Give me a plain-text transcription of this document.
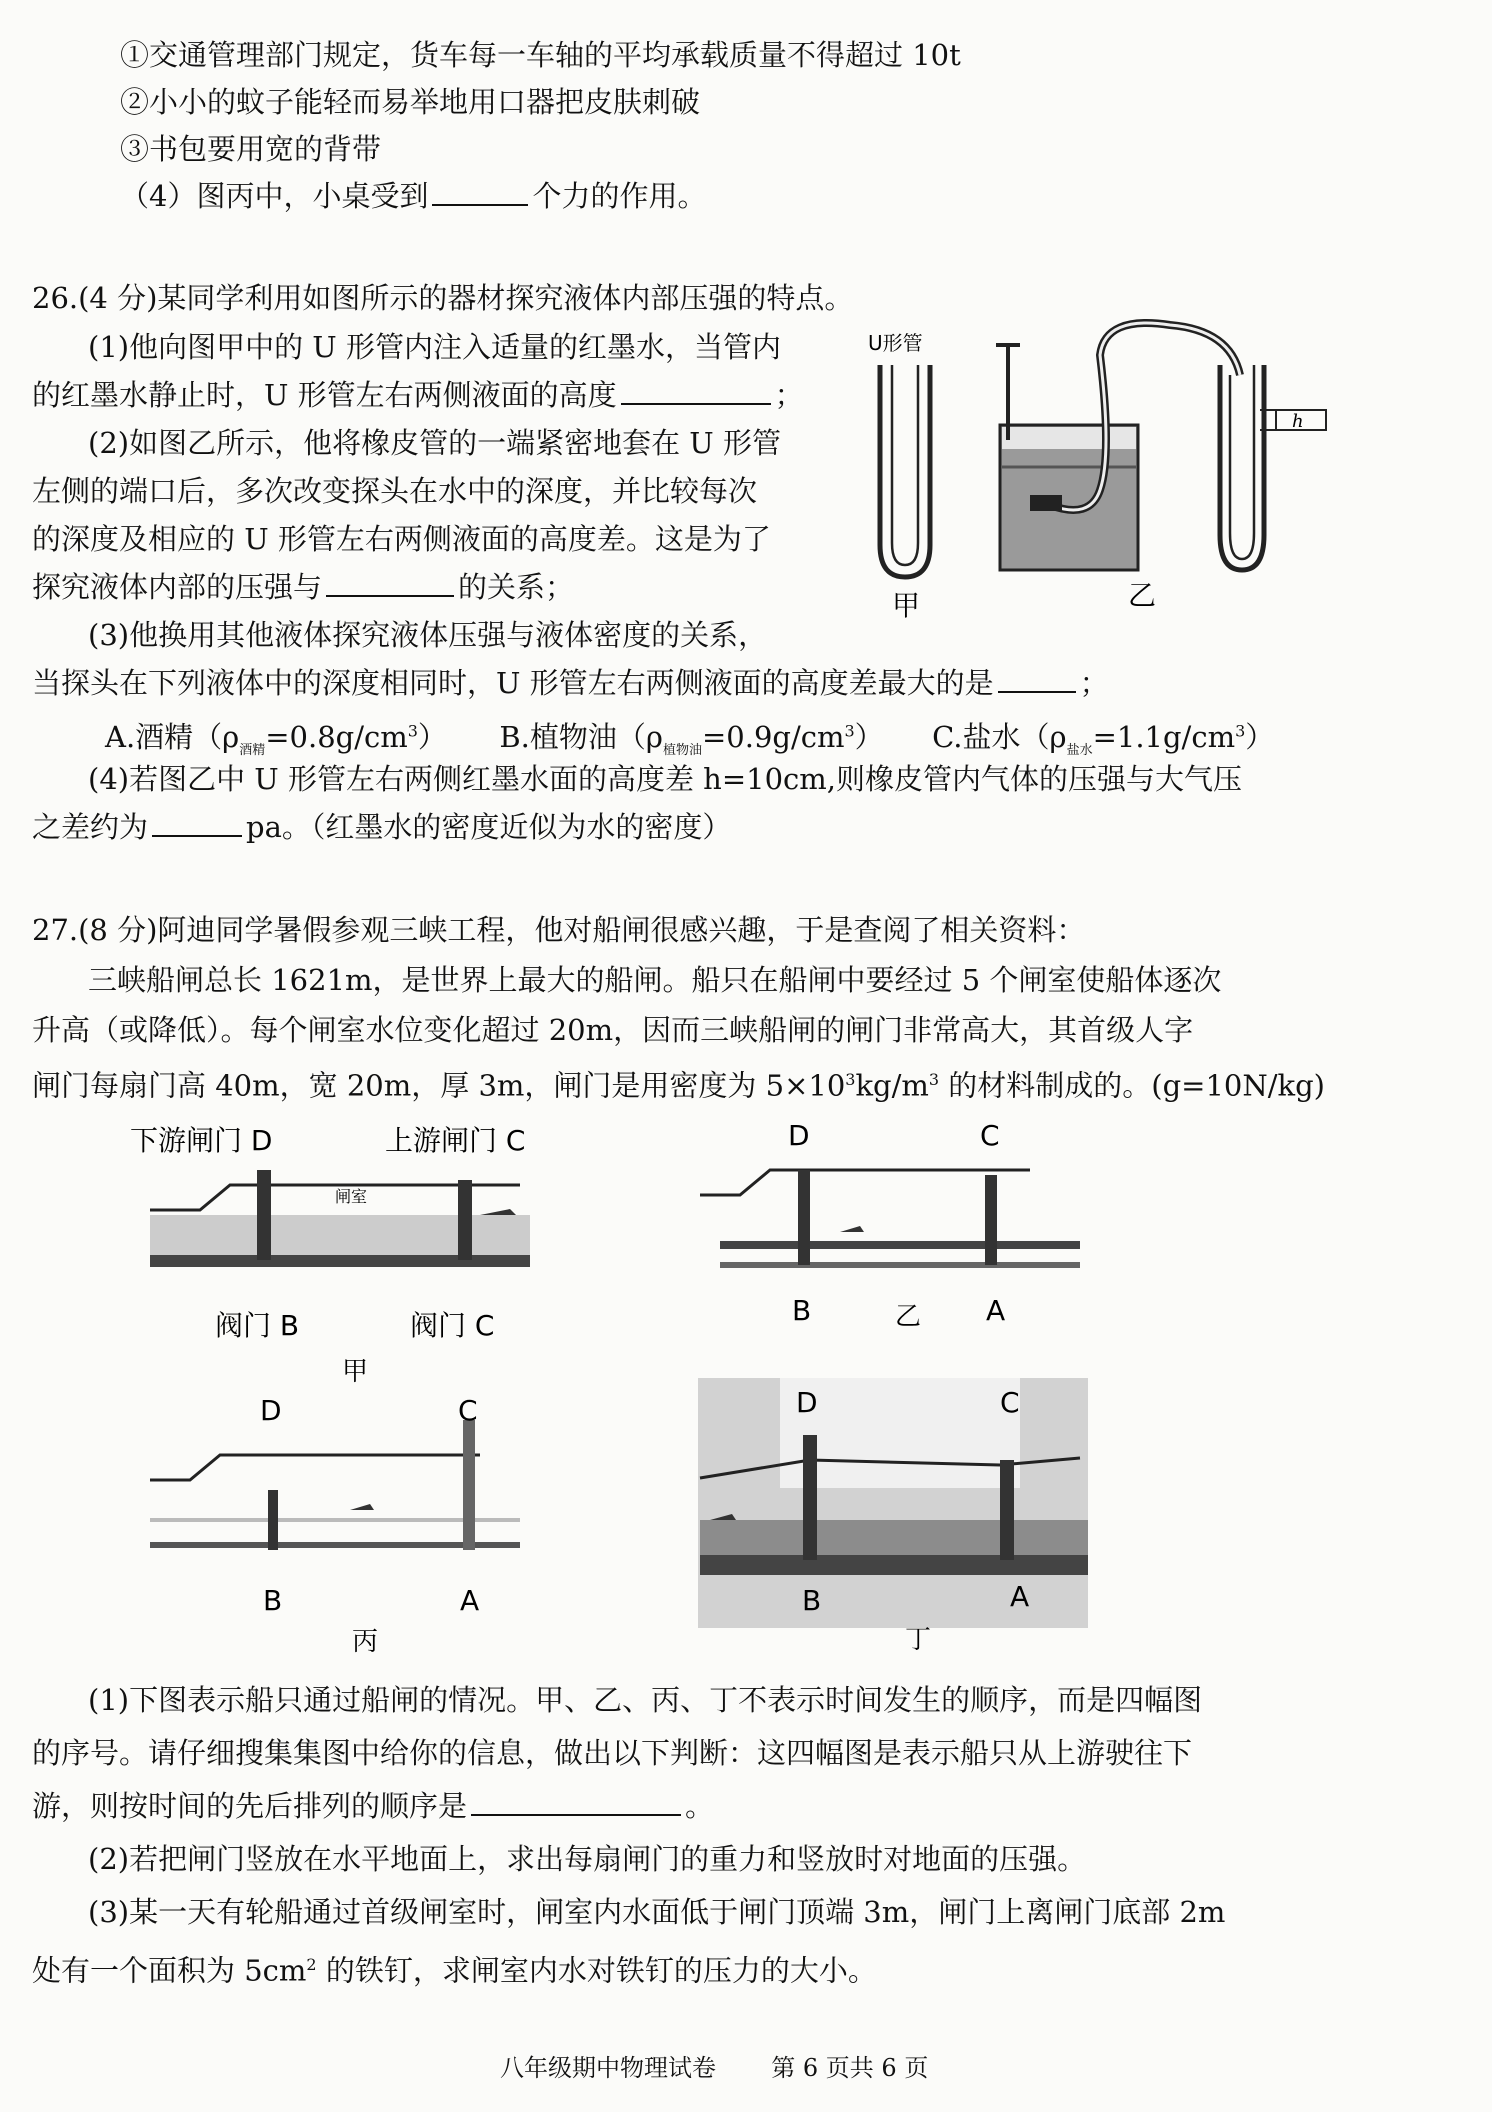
①交通管理部门规定，货车每一车轴的平均承载质量不得超过 10t
②小小的蚊子能轻而易举地用口器把皮肤刺破
③书包要用宽的背带
（4）图丙中，小桌受到	个力的作用。
26.(4 分)某同学利用如图所示的器材探究液体内部压强的特点。
(1)他向图甲中的 U 形管内注入适量的红墨水，当管内
的红墨水静止时，U 形管左右两侧液面的高度	；
(2)如图乙所示，他将橡皮管的一端紧密地套在 U 形管
左侧的端口后，多次改变探头在水中的深度，并比较每次
的深度及相应的 U 形管左右两侧液面的高度差。这是为了
探究液体内部的压强与	的关系；
(3)他换用其他液体探究液体压强与液体密度的关系，
当探头在下列液体中的深度相同时，U 形管左右两侧液面的高度差最大的是	；
A.酒精$(\rho_{酒精}=0.8g/cm^3)$ B.植物油$(\rho_{植物油}=0.9g/cm^3)$ C.盐水$(\rho_{盐水}=1.1g/cm^3)$
(4)若图乙中 U 形管左右两侧红墨水面的高度差 h=10cm,则橡皮管内气体的压强与大气压
之差约为	pa。（红墨水的密度近似为水的密度）
h
U形管
甲	乙
27.(8 分)阿迪同学暑假参观三峡工程，他对船闸很感兴趣，于是查阅了相关资料：
三峡船闸总长 1621m，是世界上最大的船闸。船只在船闸中要经过 5 个闸室使船体逐次
升高（或降低）。每个闸室水位变化超过 20m，因而三峡船闸的闸门非常高大，其首级人字
闸门每扇门高 40m，宽 20m，厚 3m，闸门是用密度为 $5\times 10^3kg/m^3$ 的材料制成的。(g=10N/kg)
下游闸门 D	上游闸门 C
闸室
阀门 B	阀门 C
甲
D	C
B	乙 A
D	C
B	A
丙
D	C
B	A
丁
(1)下图表示船只通过船闸的情况。甲、乙、丙、丁不表示时间发生的顺序，而是四幅图
的序号。请仔细搜集集图中给你的信息，做出以下判断：这四幅图是表示船只从上游驶往下
游，则按时间的先后排列的顺序是	。
(2)若把闸门竖放在水平地面上，求出每扇闸门的重力和竖放时对地面的压强。
(3)某一天有轮船通过首级闸室时，闸室内水面低于闸门顶端 3m，闸门上离闸门底部 2m
处有一个面积为 $5cm^2$ 的铁钉，求闸室内水对铁钉的压力的大小。
八年级期中物理试卷 第 6 页共 6 页
